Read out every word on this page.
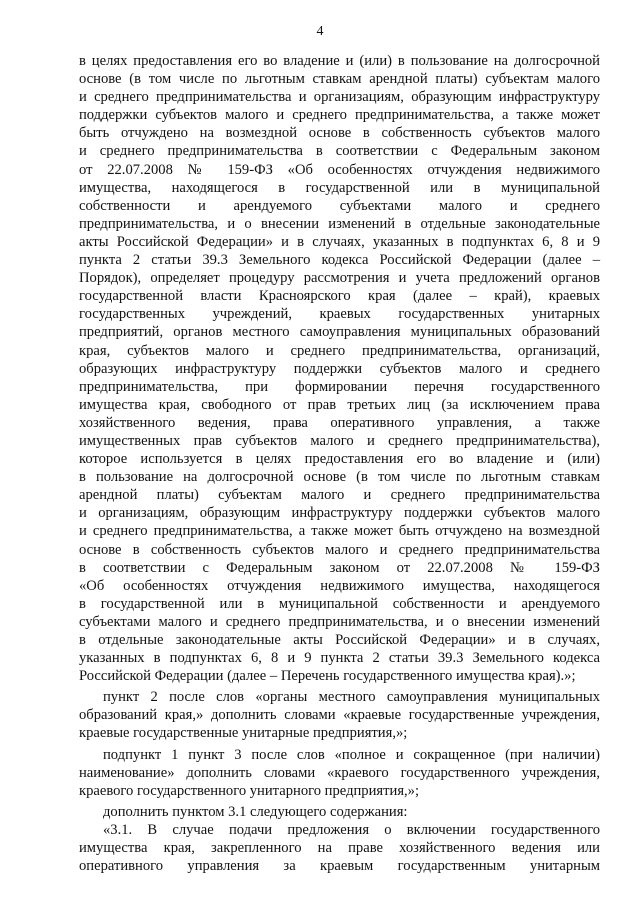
4
в целях предоставления его во владение и (или) в пользование на долгосрочной
основе (в том числе по льготным ставкам арендной платы) субъектам малого
и среднего предпринимательства и организациям, образующим инфраструктуру
поддержки субъектов малого и среднего предпринимательства, а также может
быть отчуждено на возмездной основе в собственность субъектов малого
и среднего предпринимательства в соответствии с Федеральным законом
от 22.07.2008 № 159-ФЗ «Об особенностях отчуждения недвижимого
имущества, находящегося в государственной или в муниципальной
собственности и арендуемого субъектами малого и среднего
предпринимательства, и о внесении изменений в отдельные законодательные
акты Российской Федерации» и в случаях, указанных в подпунктах 6, 8 и 9
пункта 2 статьи 39.3 Земельного кодекса Российской Федерации (далее –
Порядок), определяет процедуру рассмотрения и учета предложений органов
государственной власти Красноярского края (далее – край), краевых
государственных учреждений, краевых государственных унитарных
предприятий, органов местного самоуправления муниципальных образований
края, субъектов малого и среднего предпринимательства, организаций,
образующих инфраструктуру поддержки субъектов малого и среднего
предпринимательства, при формировании перечня государственного
имущества края, свободного от прав третьих лиц (за исключением права
хозяйственного ведения, права оперативного управления, а также
имущественных прав субъектов малого и среднего предпринимательства),
которое используется в целях предоставления его во владение и (или)
в пользование на долгосрочной основе (в том числе по льготным ставкам
арендной платы) субъектам малого и среднего предпринимательства
и организациям, образующим инфраструктуру поддержки субъектов малого
и среднего предпринимательства, а также может быть отчуждено на возмездной
основе в собственность субъектов малого и среднего предпринимательства
в соответствии с Федеральным законом от 22.07.2008 № 159-ФЗ
«Об особенностях отчуждения недвижимого имущества, находящегося
в государственной или в муниципальной собственности и арендуемого
субъектами малого и среднего предпринимательства, и о внесении изменений
в отдельные законодательные акты Российской Федерации» и в случаях,
указанных в подпунктах 6, 8 и 9 пункта 2 статьи 39.3 Земельного кодекса
Российской Федерации (далее – Перечень государственного имущества края).»;
пункт 2 после слов «органы местного самоуправления муниципальных
образований края,» дополнить словами «краевые государственные учреждения,
краевые государственные унитарные предприятия,»;
подпункт 1 пункт 3 после слов «полное и сокращенное (при наличии)
наименование» дополнить словами «краевого государственного учреждения,
краевого государственного унитарного предприятия,»;
дополнить пунктом 3.1 следующего содержания:
«3.1. В случае подачи предложения о включении государственного
имущества края, закрепленного на праве хозяйственного ведения или
оперативного управления за краевым государственным унитарным
